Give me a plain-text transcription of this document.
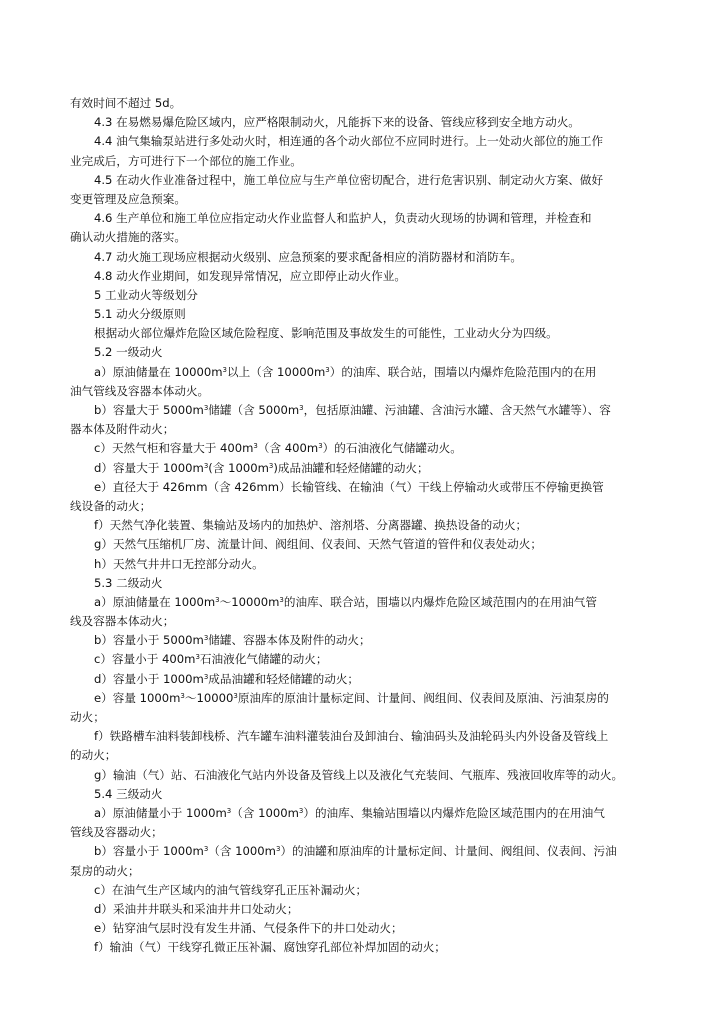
有效时间不超过 5d。
4.3 在易燃易爆危险区域内，应严格限制动火，凡能拆下来的设备、管线应移到安全地方动火。
4.4 油气集输泵站进行多处动火时，相连通的各个动火部位不应同时进行。上一处动火部位的施工作
业完成后，方可进行下一个部位的施工作业。
4.5 在动火作业准备过程中，施工单位应与生产单位密切配合，进行危害识别、制定动火方案、做好
变更管理及应急预案。
4.6 生产单位和施工单位应指定动火作业监督人和监护人，负责动火现场的协调和管理，并检查和
确认动火措施的落实。
4.7 动火施工现场应根据动火级别、应急预案的要求配备相应的消防器材和消防车。
4.8 动火作业期间，如发现异常情况，应立即停止动火作业。
5 工业动火等级划分
5.1 动火分级原则
根据动火部位爆炸危险区域危险程度、影响范围及事故发生的可能性，工业动火分为四级。
5.2 一级动火
a）原油储量在 $10000m^3$以上（含 $10000m^3$）的油库、联合站，围墙以内爆炸危险范围内的在用
油气管线及容器本体动火。
b）容量大于 $5000m^3$储罐（含 $5000m^3$，包括原油罐、污油罐、含油污水罐、含天然气水罐等）、容
器本体及附件动火；
c）天然气柜和容量大于 $400m^3$（含 $400m^3$）的石油液化气储罐动火。
d）容量大于 $1000m^3$(含 $1000m^3$)成品油罐和轻烃储罐的动火；
e）直径大于 426mm（含 426mm）长输管线、在输油（气）干线上停输动火或带压不停输更换管
线设备的动火；
f）天然气净化装置、集输站及场内的加热炉、溶剂塔、分离器罐、换热设备的动火；
g）天然气压缩机厂房、流量计间、阀组间、仪表间、天然气管道的管件和仪表处动火；
h）天然气井井口无控部分动火。
5.3 二级动火
a）原油储量在 $1000m^3\sim 10000m^3$的油库、联合站，围墙以内爆炸危险区域范围内的在用油气管
线及容器本体动火；
b）容量小于 $5000m^3$储罐、容器本体及附件的动火；
c）容量小于 $400m^3$石油液化气储罐的动火；
d）容量小于 $1000m^3$成品油罐和轻烃储罐的动火；
e）容量 $1000m^3\sim 10000^3$原油库的原油计量标定间、计量间、阀组间、仪表间及原油、污油泵房的
动火；
f）铁路槽车油料装卸栈桥、汽车罐车油料灌装油台及卸油台、输油码头及油轮码头内外设备及管线上
的动火；
g）输油（气）站、石油液化气站内外设备及管线上以及液化气充装间、气瓶库、残液回收库等的动火。
5.4 三级动火
a）原油储量小于 $1000m^3$（含 $1000m^3$）的油库、集输站围墙以内爆炸危险区域范围内的在用油气
管线及容器动火；
b）容量小于 $1000m^3$（含 $1000m^3$）的油罐和原油库的计量标定间、计量间、阀组间、仪表间、污油
泵房的动火；
c）在油气生产区域内的油气管线穿孔正压补漏动火；
d）采油井井联头和采油井井口处动火；
e）钻穿油气层时没有发生井涌、气侵条件下的井口处动火；
f）输油（气）干线穿孔微正压补漏、腐蚀穿孔部位补焊加固的动火；
